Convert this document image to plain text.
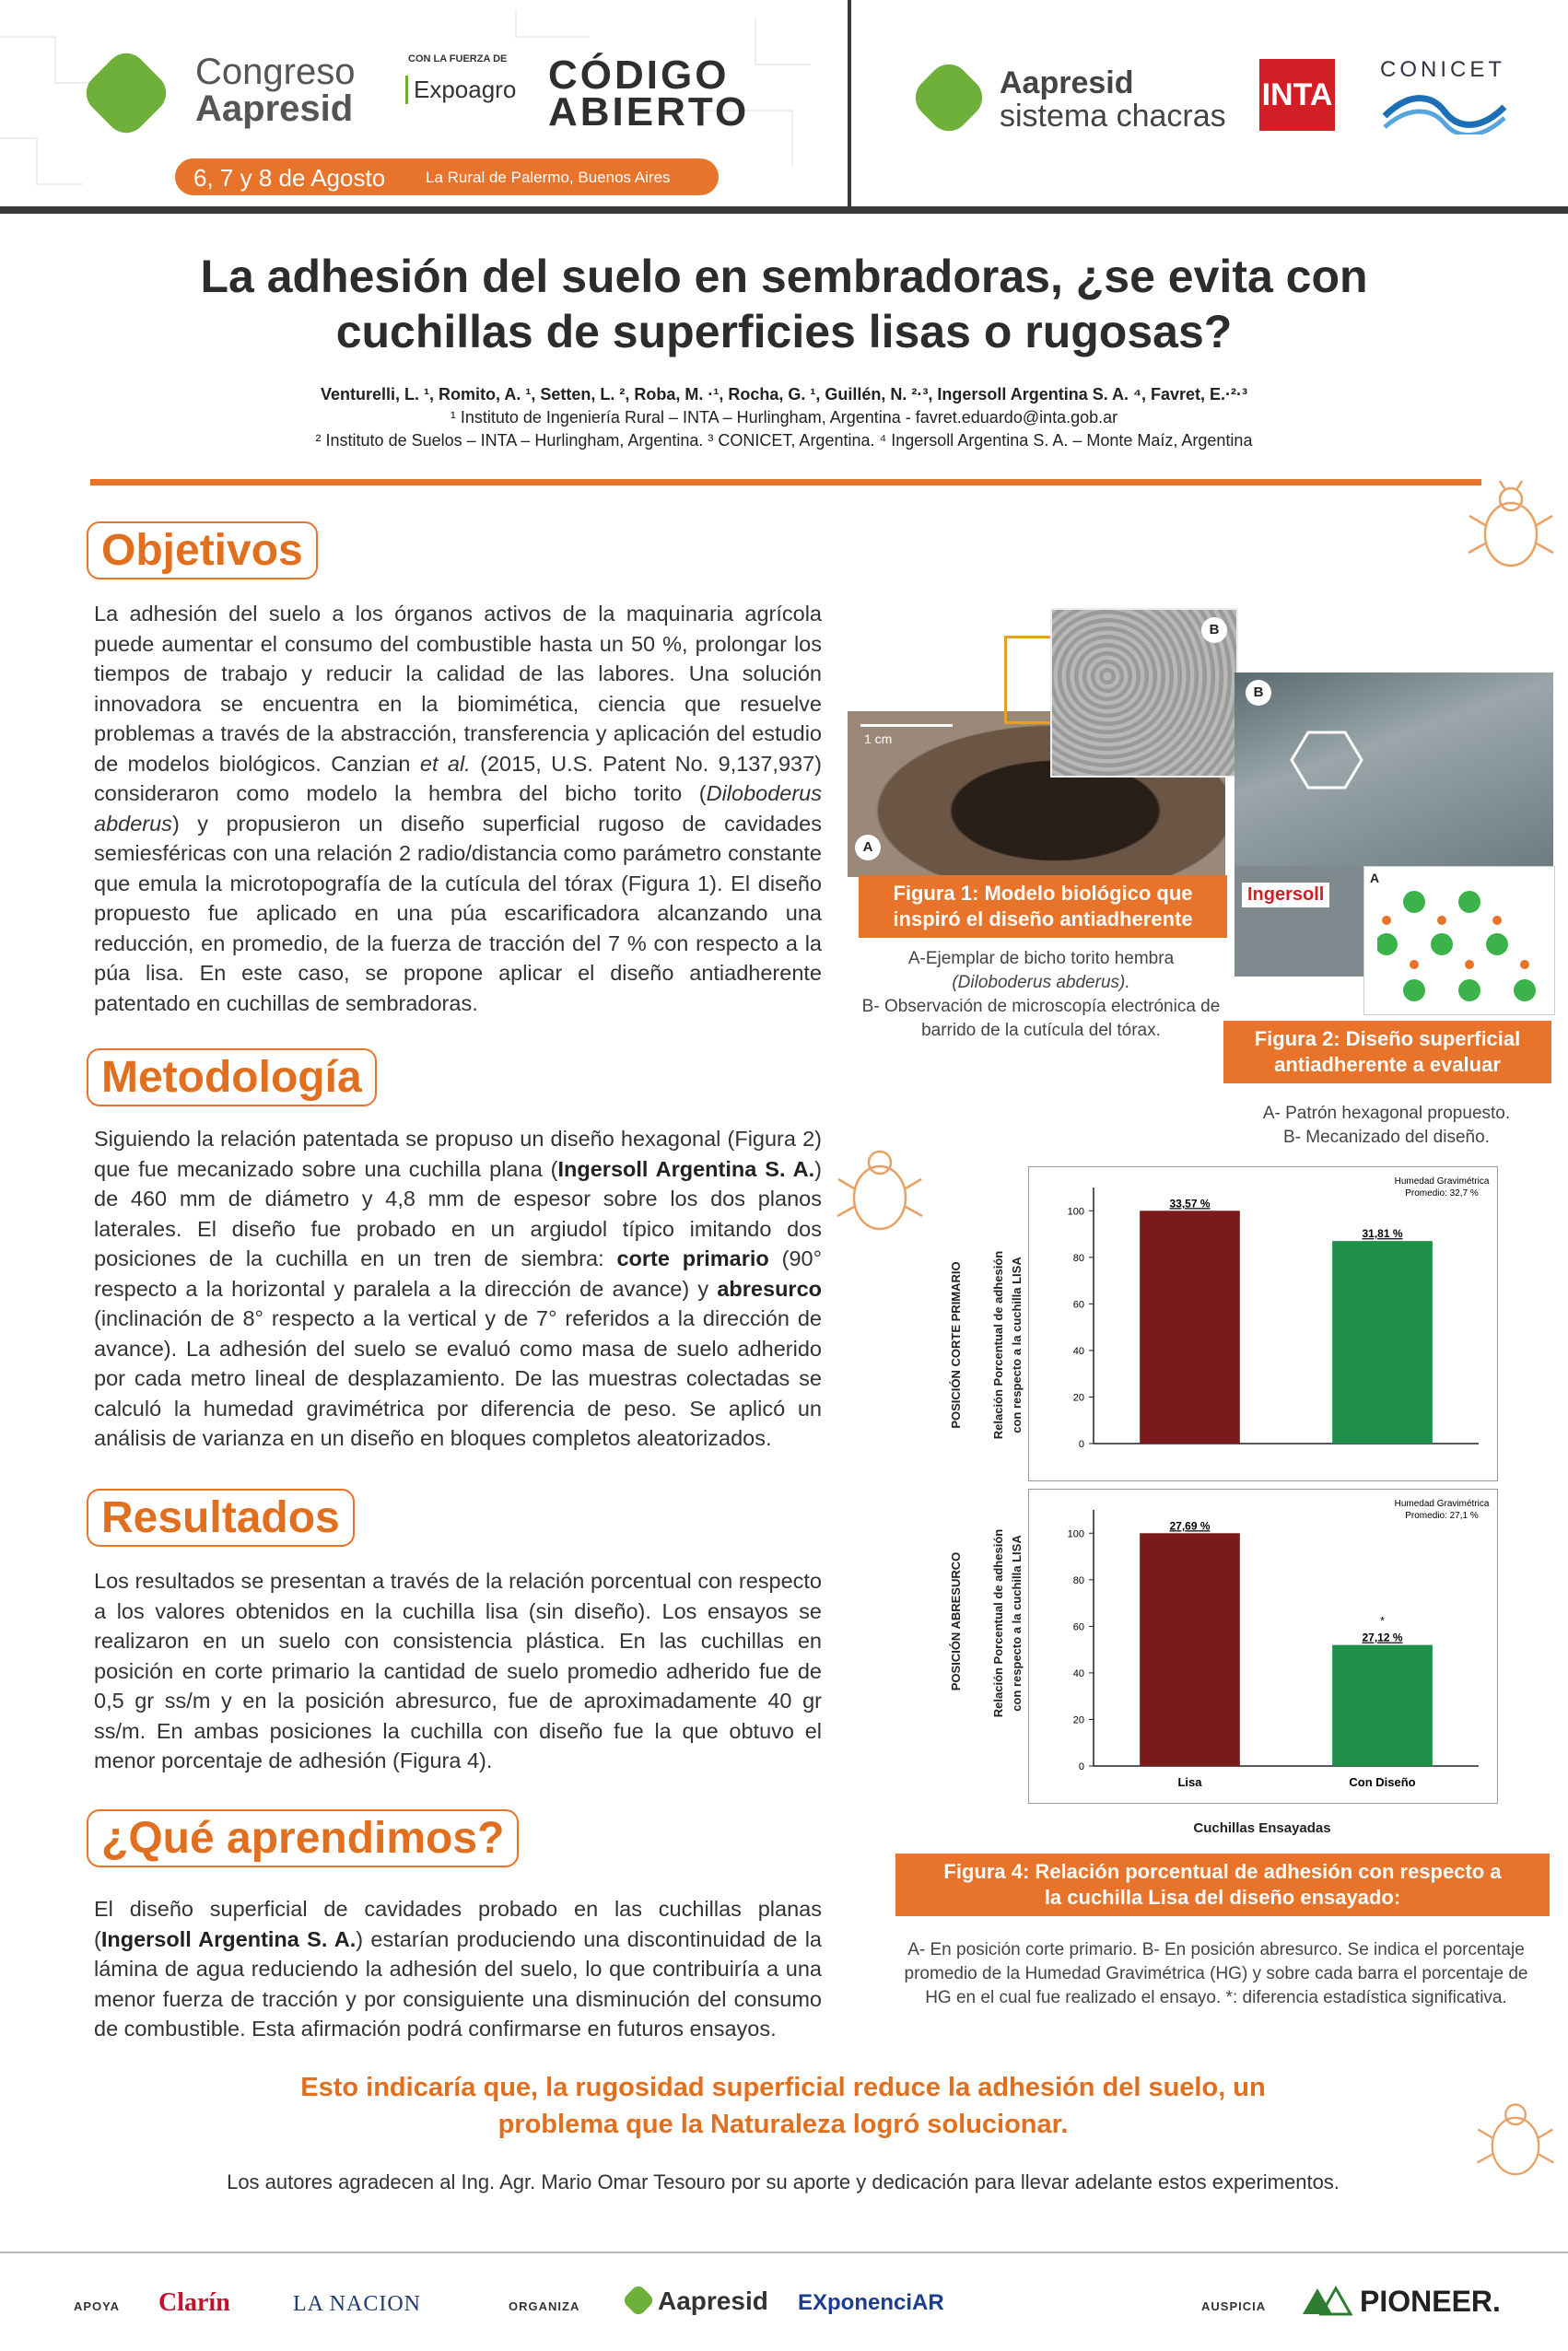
Congreso
Aapresid
CON LA FUERZA DE
Expoagro CÓDIGO
ABIERTO
6, 7 y 8 de Agosto	La Rural de Palermo, Buenos Aires
Aapresid
sistema chacras
INTA
CONICET
La adhesión del suelo en sembradoras, ¿se evita con
cuchillas de superficies lisas o rugosas?
Venturelli, L. ¹, Romito, A. ¹, Setten, L. ², Roba, M. ·¹, Rocha, G. ¹, Guillén, N. ²·³, Ingersoll Argentina S. A. ⁴, Favret, E.·²·³
¹ Instituto de Ingeniería Rural – INTA – Hurlingham, Argentina - favret.eduardo@inta.gob.ar
² Instituto de Suelos – INTA – Hurlingham, Argentina. ³ CONICET, Argentina. ⁴ Ingersoll Argentina S. A. – Monte Maíz, Argentina
Objetivos
La adhesión del suelo a los órganos activos de la maquinaria agrícola puede aumentar el consumo del combustible hasta un 50 %, prolongar los tiempos de trabajo y reducir la calidad de las labores. Una solución innovadora se encuentra en la biomimética, ciencia que resuelve problemas a través de la abstracción, transferencia y aplicación del estudio de modelos biológicos. Canzian et al. (2015, U.S. Patent No. 9,137,937) consideraron como modelo la hembra del bicho torito (Diloboderus abderus) y propusieron un diseño superficial rugoso de cavidades semiesféricas con una relación 2 radio/distancia como parámetro constante que emula la microtopografía de la cutícula del tórax (Figura 1). El diseño propuesto fue aplicado en una púa escarificadora alcanzando una reducción, en promedio, de la fuerza de tracción del 7 % con respecto a la púa lisa. En este caso, se propone aplicar el diseño antiadherente patentado en cuchillas de sembradoras.
Metodología
Siguiendo la relación patentada se propuso un diseño hexagonal (Figura 2) que fue mecanizado sobre una cuchilla plana (Ingersoll Argentina S. A.) de 460 mm de diámetro y 4,8 mm de espesor sobre los dos planos laterales. El diseño fue probado en un argiudol típico imitando dos posiciones de la cuchilla en un tren de siembra: corte primario (90° respecto a la horizontal y paralela a la dirección de avance) y abresurco (inclinación de 8° respecto a la vertical y de 7° referidos a la dirección de avance). La adhesión del suelo se evaluó como masa de suelo adherido por cada metro lineal de desplazamiento. De las muestras colectadas se calculó la humedad gravimétrica por diferencia de peso. Se aplicó un análisis de varianza en un diseño en bloques completos aleatorizados.
Resultados
Los resultados se presentan a través de la relación porcentual con respecto a los valores obtenidos en la cuchilla lisa (sin diseño). Los ensayos se realizaron en un suelo con consistencia plástica. En las cuchillas en posición en corte primario la cantidad de suelo promedio adherido fue de 0,5 gr ss/m y en la posición abresurco, fue de aproximadamente 40 gr ss/m. En ambas posiciones la cuchilla con diseño fue la que obtuvo el menor porcentaje de adhesión (Figura 4).
¿Qué aprendimos?
El diseño superficial de cavidades probado en las cuchillas planas (Ingersoll Argentina S. A.) estarían produciendo una discontinuidad de la lámina de agua reduciendo la adhesión del suelo, lo que contribuiría a una menor fuerza de tracción y por consiguiente una disminución del consumo de combustible. Esta afirmación podrá confirmarse en futuros ensayos.
1 cm
A
B
Figura 1: Modelo biológico que
inspiró el diseño antiadherente
A-Ejemplar de bicho torito hembra
(Diloboderus abderus).
B- Observación de microscopía electrónica de barrido de la cutícula del tórax.
B
Ingersoll
A
Figura 2: Diseño superficial
antiadherente a evaluar
A- Patrón hexagonal propuesto.
B- Mecanizado del diseño.
POSICIÓN CORTE PRIMARIO Relación Porcentual de adhesión con respecto a la cuchilla LISA
0
20
40
60
80
100
33,57 %
31,81 %
Humedad Gravimétrica
Promedio: 32,7 %
POSICIÓN ABRESURCO Relación Porcentual de adhesión con respecto a la cuchilla LISA
0
20
40
60
80
100
27,69 %
Lisa
27,12 %
*
Con Diseño
Humedad Gravimétrica
Promedio: 27,1 %
Cuchillas Ensayadas
Figura 4: Relación porcentual de adhesión con respecto a
la cuchilla Lisa del diseño ensayado:
A- En posición corte primario. B- En posición abresurco. Se indica el porcentaje promedio de la Humedad Gravimétrica (HG) y sobre cada barra el porcentaje de HG en el cual fue realizado el ensayo. *: diferencia estadística significativa.
Esto indicaría que, la rugosidad superficial reduce la adhesión del suelo, un
problema que la Naturaleza logró solucionar.
Los autores agradecen al Ing. Agr. Mario Omar Tesouro por su aporte y dedicación para llevar adelante estos experimentos.
APOYA Clarín	LA NACION	ORGANIZA	Aapresid EXponenciAR	AUSPICIA	PIONEER.
